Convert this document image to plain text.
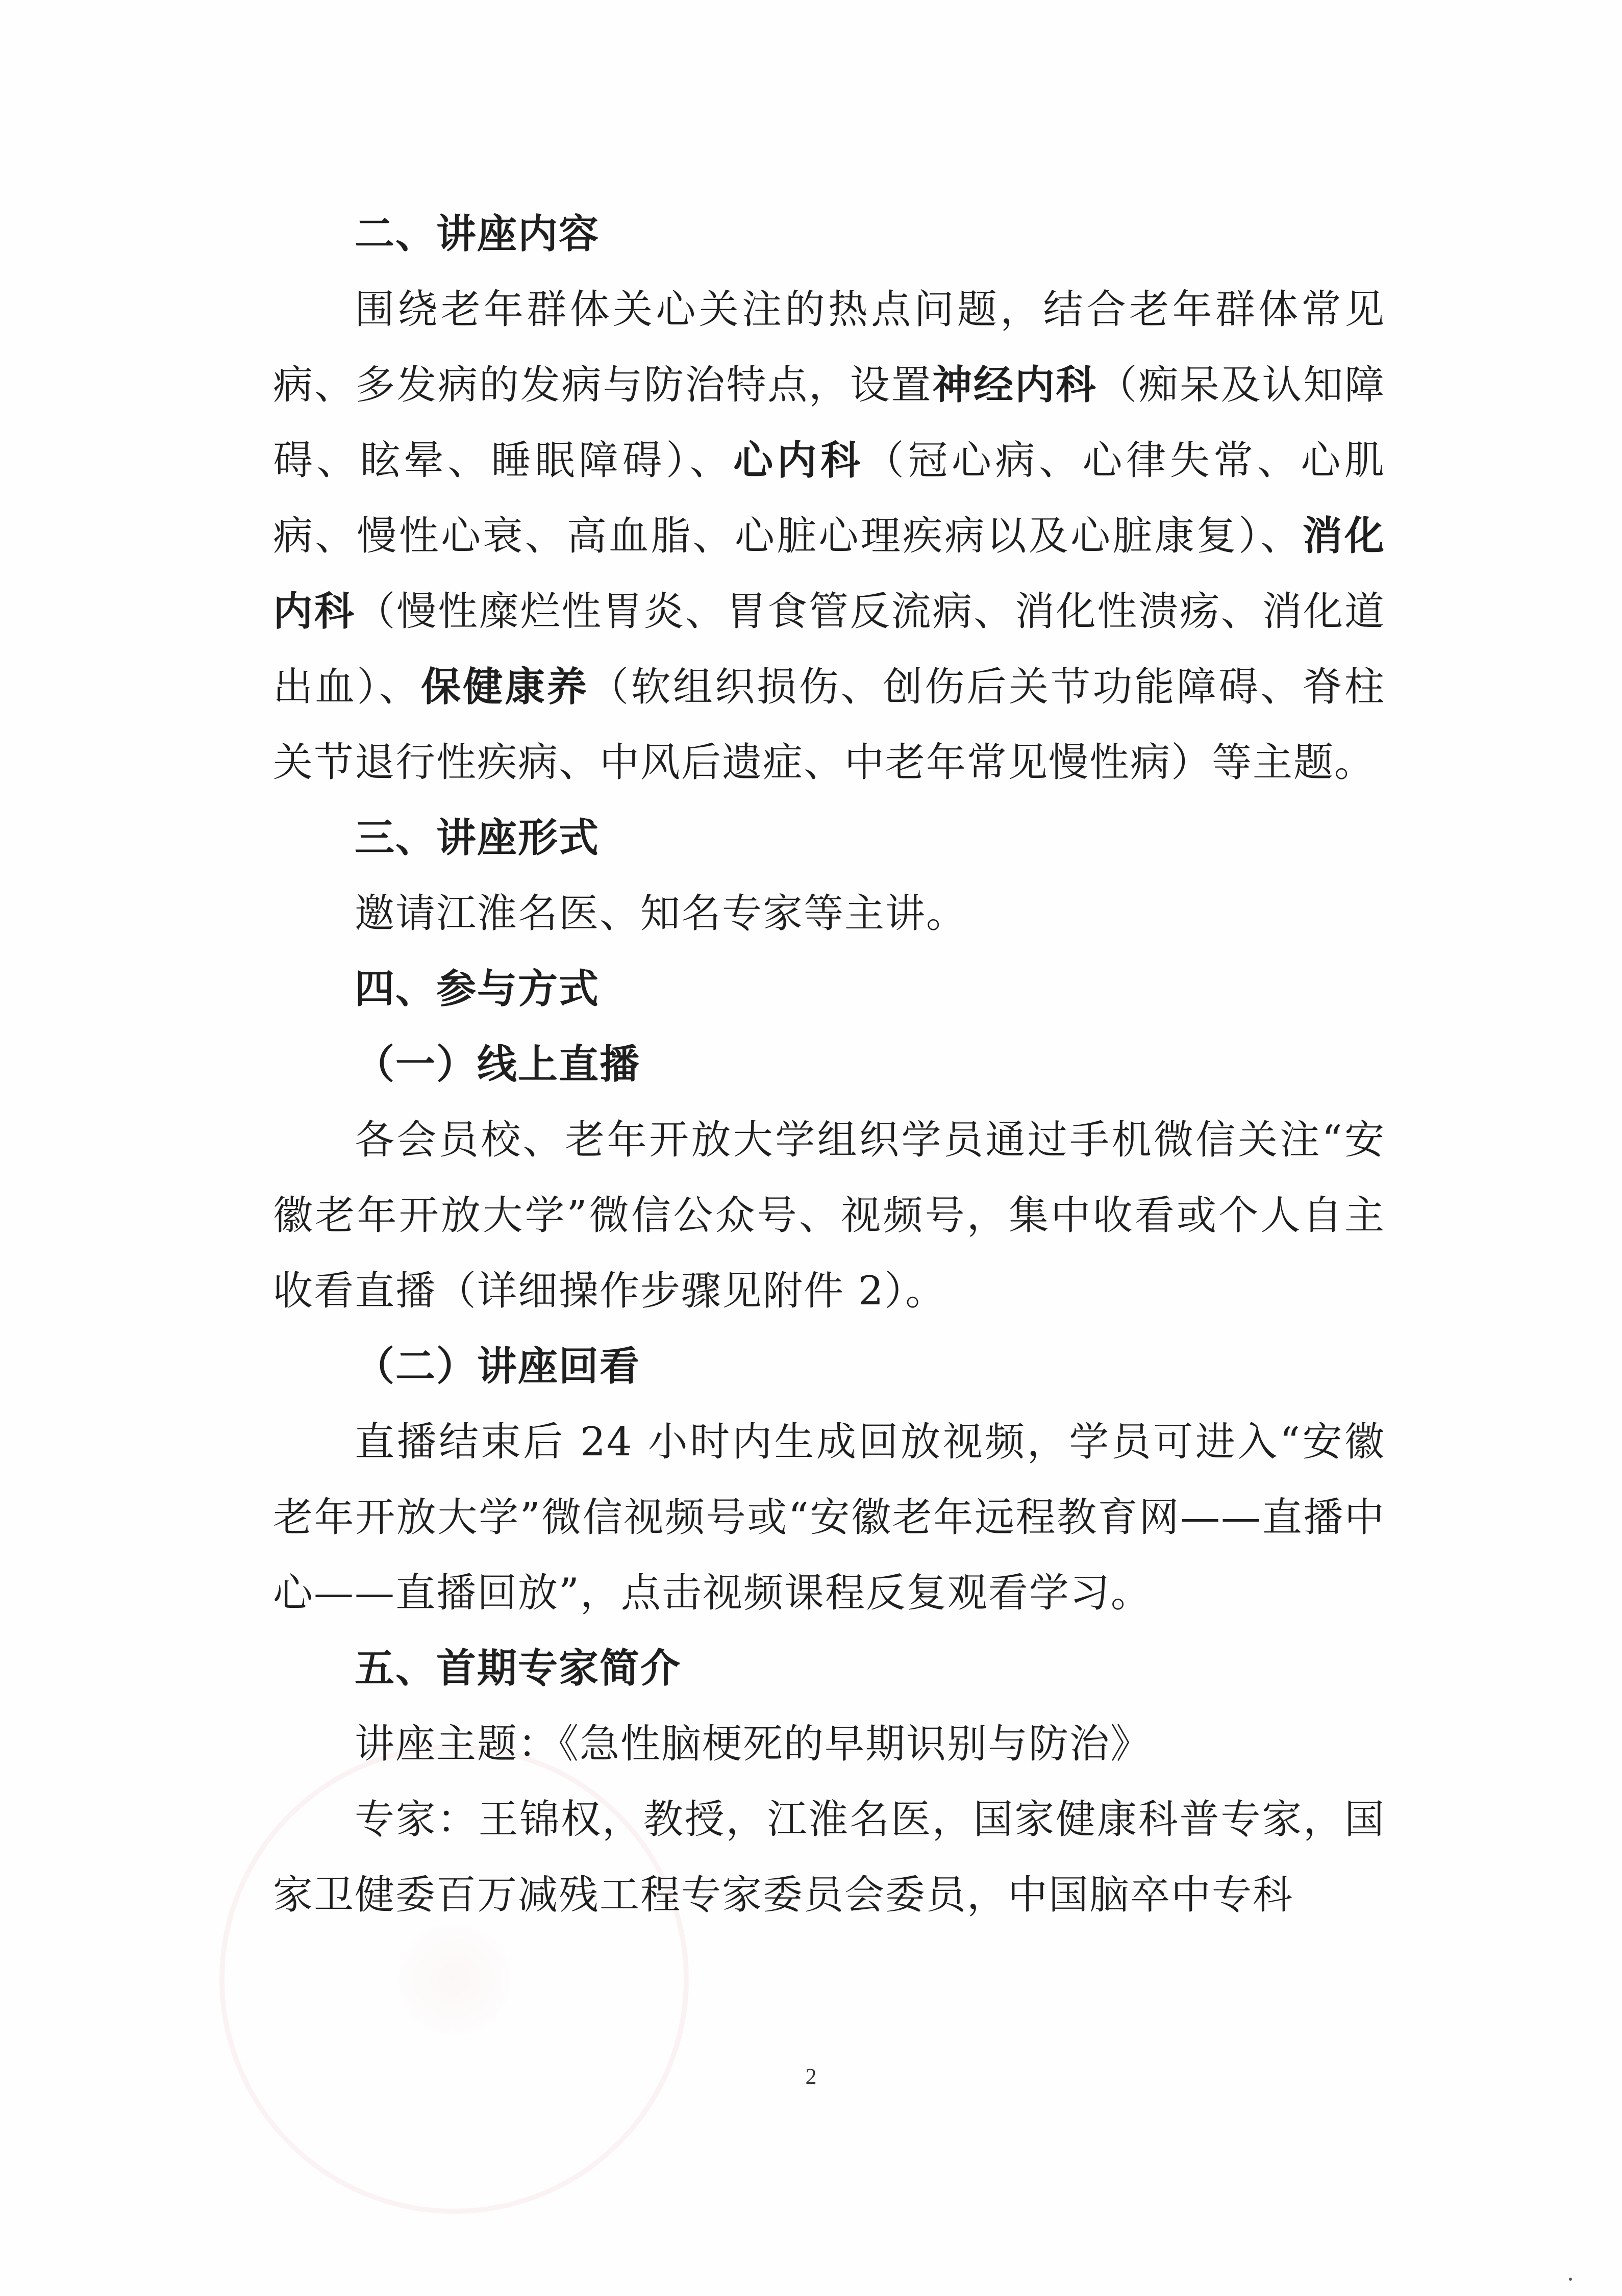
二、讲座内容

围绕老年群体关心关注的热点问题，结合老年群体常见病、多发病的发病与防治特点，设置神经内科（痴呆及认知障碍、眩晕、睡眠障碍）、心内科（冠心病、心律失常、心肌病、慢性心衰、高血脂、心脏心理疾病以及心脏康复）、消化内科（慢性糜烂性胃炎、胃食管反流病、消化性溃疡、消化道出血）、保健康养（软组织损伤、创伤后关节功能障碍、脊柱关节退行性疾病、中风后遗症、中老年常见慢性病）等主题。

三、讲座形式

邀请江淮名医、知名专家等主讲。

四、参与方式

（一）线上直播

各会员校、老年开放大学组织学员通过手机微信关注“安徽老年开放大学”微信公众号、视频号，集中收看或个人自主收看直播（详细操作步骤见附件 2）。

（二）讲座回看

直播结束后 24 小时内生成回放视频，学员可进入“安徽老年开放大学”微信视频号或“安徽老年远程教育网——直播中心——直播回放”，点击视频课程反复观看学习。

五、首期专家简介

讲座主题：《急性脑梗死的早期识别与防治》

专家：王锦权，教授，江淮名医，国家健康科普专家，国家卫健委百万减残工程专家委员会委员，中国脑卒中专科

2
